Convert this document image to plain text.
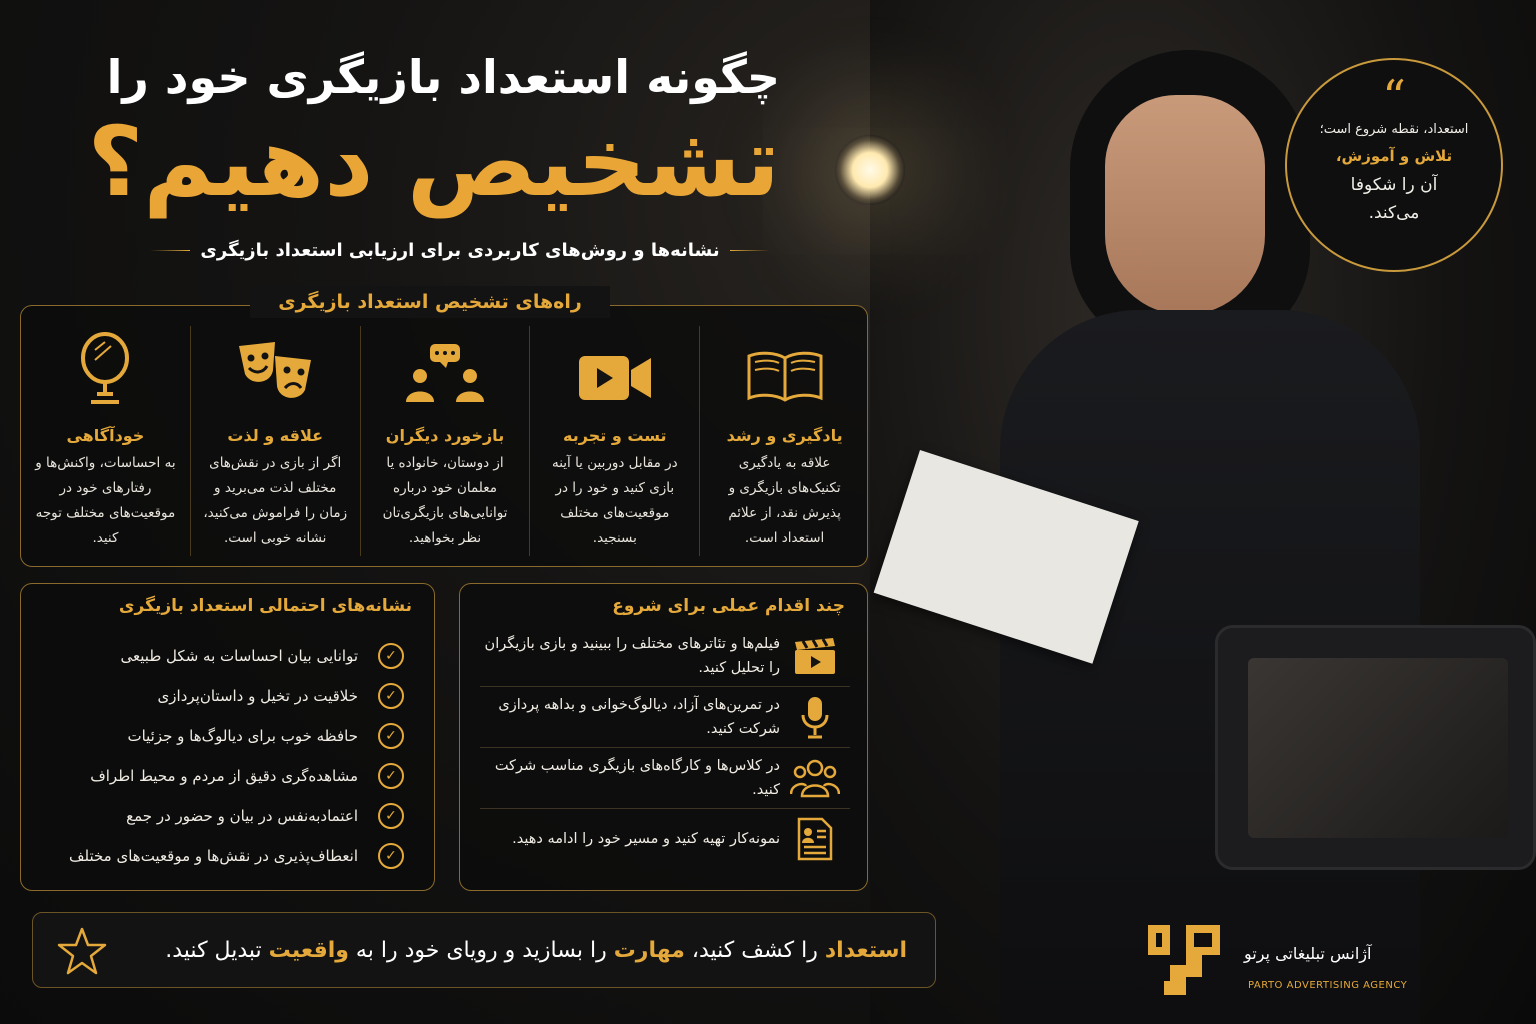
“
استعداد، نقطه شروع است؛
تلاش و آموزش،
آن را شکوفا
می‌کند.
چگونه استعداد بازیگری خود را
تشخیص دهیم؟
نشانه‌ها و روش‌های کاربردی برای ارزیابی استعداد بازیگری
یادگیری و رشد
علاقه به یادگیری تکنیک‌های بازیگری و پذیرش نقد، از علائم استعداد است.
تست و تجربه
در مقابل دوربین یا آینه بازی کنید و خود را در موقعیت‌های مختلف بسنجید.
بازخورد دیگران
از دوستان، خانواده یا معلمان خود درباره توانایی‌های بازیگری‌تان نظر بخواهید.
علاقه و لذت
اگر از بازی در نقش‌های مختلف لذت می‌برید و زمان را فراموش می‌کنید، نشانه خوبی است.
خودآگاهی
به احساسات، واکنش‌ها و رفتارهای خود در موقعیت‌های مختلف توجه کنید.
راه‌های تشخیص استعداد بازیگری
نشانه‌های احتمالی استعداد بازیگری
✓
توانایی بیان احساسات به شکل طبیعی
✓
خلاقیت در تخیل و داستان‌پردازی
✓
حافظه خوب برای دیالوگ‌ها و جزئیات
✓
مشاهده‌گری دقیق از مردم و محیط اطراف
✓
اعتمادبه‌نفس در بیان و حضور در جمع
✓
انعطاف‌پذیری در نقش‌ها و موقعیت‌های مختلف
چند اقدام عملی برای شروع
فیلم‌ها و تئاترهای مختلف را ببینید و بازی بازیگران را تحلیل کنید.
در تمرین‌های آزاد، دیالوگ‌خوانی و بداهه پردازی شرکت کنید.
در کلاس‌ها و کارگاه‌های بازیگری مناسب شرکت کنید.
نمونه‌کار تهیه کنید و مسیر خود را ادامه دهید.
استعداد را کشف کنید، مهارت را بسازید و رویای خود را به واقعیت تبدیل کنید.	آژانس تبلیغاتی پرتو
PARTO ADVERTISING AGENCY
